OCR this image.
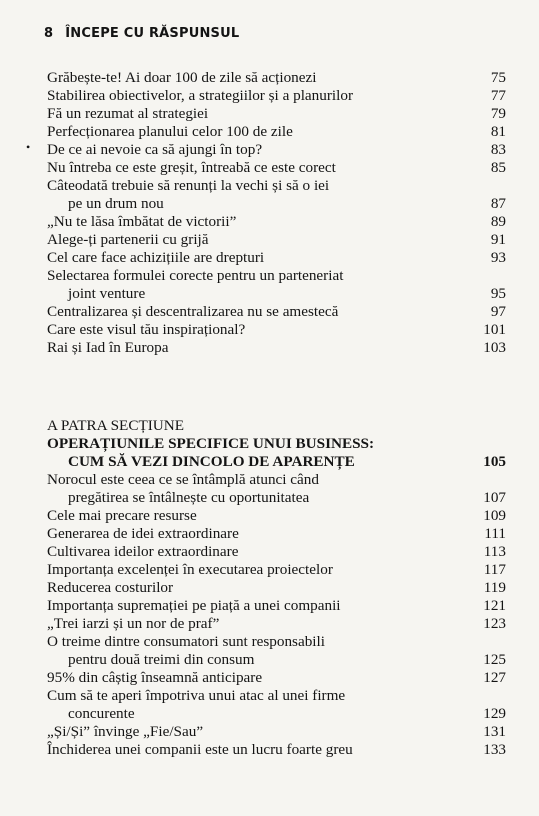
8 ÎNCEPE CU RĂSPUNSUL
•
A PATRA SECȚIUNE
OPERAȚIUNILE SPECIFICE UNUI BUSINESS:
Grăbește-te! Ai doar 100 de zile să acționezi	75
Stabilirea obiectivelor, a strategiilor și a planurilor	77
Fă un rezumat al strategiei	79
Perfecționarea planului celor 100 de zile	81
De ce ai nevoie ca să ajungi în top?	83
Nu întreba ce este greșit, întreabă ce este corect	85
Câteodată trebuie să renunți la vechi și să o iei
pe un drum nou	87
„Nu te lăsa îmbătat de victorii”	89
Alege-ți partenerii cu grijă	91
Cel care face achizițiile are drepturi	93
Selectarea formulei corecte pentru un parteneriat
joint venture	95
Centralizarea și descentralizarea nu se amestecă	97
Care este visul tău inspirațional?	101
Rai și Iad în Europa	103
CUM SĂ VEZI DINCOLO DE APARENȚE	105
Norocul este ceea ce se întâmplă atunci când
pregătirea se întâlnește cu oportunitatea	107
Cele mai precare resurse	109
Generarea de idei extraordinare	111
Cultivarea ideilor extraordinare	113
Importanța excelenței în executarea proiectelor	117
Reducerea costurilor	119
Importanța supremației pe piață a unei companii	121
„Trei iarzi și un nor de praf”	123
O treime dintre consumatori sunt responsabili
pentru două treimi din consum	125
95% din câștig înseamnă anticipare	127
Cum să te aperi împotriva unui atac al unei firme
concurente	129
„Și/Și” învinge „Fie/Sau”	131
Închiderea unei companii este un lucru foarte greu	133
